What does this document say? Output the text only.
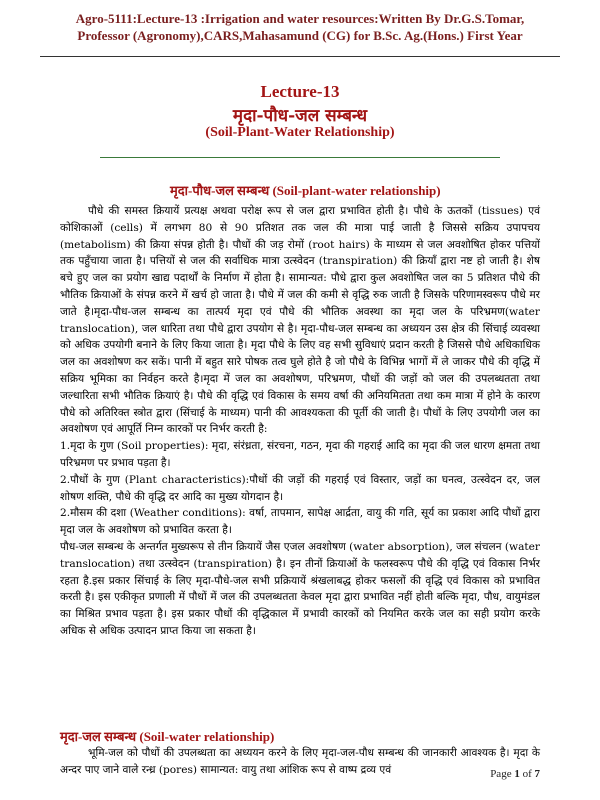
Agro-5111:Lecture-13 :Irrigation and water resources:Written By Dr.G.S.Tomar,
Professor (Agronomy),CARS,Mahasamund (CG) for B.Sc. Ag.(Hons.) First Year
Lecture-13
मृदा-पौध-जल सम्बन्ध
(Soil-Plant-Water Relationship)
मृदा-पौध-जल सम्बन्ध (Soil-plant-water relationship)

पौधे की समस्त क्रियायें प्रत्यक्ष अथवा परोक्ष रूप से जल द्वारा प्रभावित होती है। पौधे के ऊतकों (tissues) एवं कोशिकाओं (cells) में लगभग 80 से 90 प्रतिशत तक जल की मात्रा पाई जाती है जिससे सक्रिय उपापचय (metabolism) की क्रिया संपन्न होती है। पौधों की जड़ रोमों (root hairs) के माध्यम से जल अवशोषित होकर पत्तियों तक पहुँचाया जाता है। पत्तियों से जल की सर्वाधिक मात्रा उत्स्वेदन (transpiration) की क्रियाँ द्वारा नष्ट हो जाती है। शेष बचे हुए जल का प्रयोग खाद्य पदार्थों के निर्माण में होता है। सामान्यत: पौधे द्वारा कुल अवशोषित जल का 5 प्रतिशत पौधे की भौतिक क्रियाओं के संपन्न करने में खर्च हो जाता है। पौधे में जल की कमी से वृद्धि रुक जाती है जिसके परिणामस्वरूप पौधे मर जाते है।मृदा-पौध-जल सम्बन्ध का तात्पर्य मृदा एवं पौधे की भौतिक अवस्था का मृदा जल के परिभ्रमण(water translocation), जल धारिता तथा पौधे द्वारा उपयोग से है। मृदा-पौध-जल सम्बन्ध का अध्ययन उस क्षेत्र की सिंचाई व्यवस्था को अधिक उपयोगी बनाने के लिए किया जाता है। मृदा पौधे के लिए वह सभी सुविधाएं प्रदान करती है जिससे पौधे अधिकाधिक जल का अवशोषण कर सकें। पानी में बहुत सारे पोषक तत्व घुले होते है जो पौधे के विभिन्न भागों में ले जाकर पौधे की वृद्धि में सक्रिय भूमिका का निर्वहन करते है।मृदा में जल का अवशोषण, परिभ्रमण, पौधों की जड़ों को जल की उपलब्धतता तथा जल्धारिता सभी भौतिक क्रियाएं है। पौधे की वृद्धि एवं विकास के समय वर्षा की अनियमितता तथा कम मात्रा में होने के कारण पौधे को अतिरिक्त स्त्रोत द्वारा (सिंचाई के माध्यम) पानी की आवश्यकता की पूर्ती की जाती है। पौधों के लिए उपयोगी जल का अवशोषण एवं आपूर्ति निम्न कारकों पर निर्भर करती है:

1.मृदा के गुण (Soil properties): मृदा, संरंध्रता, संरचना, गठन, मृदा की गहराई आदि का मृदा की जल धारण क्षमता तथा परिभ्रमण पर प्रभाव पड़ता है।

2.पौधों के गुण (Plant characteristics):पौधों की जड़ों की गहराई एवं विस्तार, जड़ों का घनत्व, उत्स्वेदन दर, जल शोषण शक्ति, पौधे की वृद्धि दर आदि का मुख्य योगदान है।

2.मौसम की दशा (Weather conditions): वर्षा, तापमान, सापेक्ष आर्द्रता, वायु की गति, सूर्य का प्रकाश आदि पौधों द्वारा मृदा जल के अवशोषण को प्रभावित करता है।

पौध-जल सम्बन्ध के अन्तर्गत मुख्यरूप से तीन क्रियायें जैस एजल अवशोषण (water absorption), जल संचलन (water translocation) तथा उत्स्वेदन (transpiration) है। इन तीनों क्रियाओं के फलस्वरूप पौधे की वृद्धि एवं विकास निर्भर रहता है.इस प्रकार सिंचाई के लिए मृदा-पौधे-जल सभी प्रक्रियायें श्रंखलाबद्ध होकर फसलों की वृद्धि एवं विकास को प्रभावित करती है। इस एकीकृत प्रणाली में पौधों में जल की उपलब्धतता केवल मृदा द्वारा प्रभावित नहीं होती बल्कि मृदा, पौध, वायुमंडल का मिश्रित प्रभाव पड़ता है। इस प्रकार पौधों की वृद्धिकाल में प्रभावी कारकों को नियमित करके जल का सही प्रयोग करके अधिक से अधिक उत्पादन प्राप्त किया जा सकता है।

मृदा-जल सम्बन्ध (Soil-water relationship)

भूमि-जल को पौधों की उपलब्धता का अध्ययन करने के लिए मृदा-जल-पौध सम्बन्ध की जानकारी आवश्यक है। मृदा के अन्दर पाए जाने वाले रन्ध्र (pores) सामान्यत: वायु तथा आंशिक रूप से वाष्प द्रव्य एवं	Page 1 of 7
